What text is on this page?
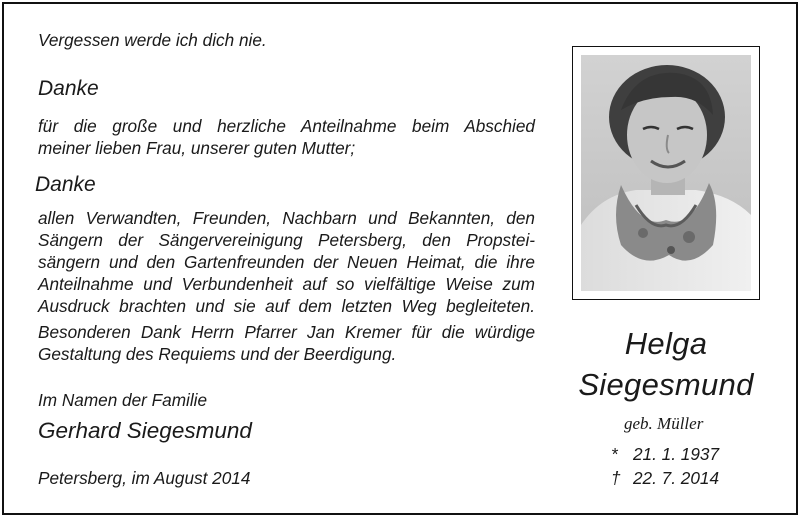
Vergessen werde ich dich nie.
Danke
für die große und herzliche Anteilnahme beim Abschied
meiner lieben Frau, unserer guten Mutter;
Danke
allen Verwandten, Freunden, Nachbarn und Bekannten, den
Sängern der Sängervereinigung Petersberg, den Propstei-
sängern und den Gartenfreunden der Neuen Heimat, die ihre
Anteilnahme und Verbundenheit auf so vielfältige Weise zum
Ausdruck brachten und sie auf dem letzten Weg begleiteten.
Besonderen Dank Herrn Pfarrer Jan Kremer für die würdige
Gestaltung des Requiems und der Beerdigung.
Im Namen der Familie
Gerhard Siegesmund
Petersberg, im August 2014
Helga
Siegesmund
geb. Müller
* 21. 1. 1937
† 22. 7. 2014
